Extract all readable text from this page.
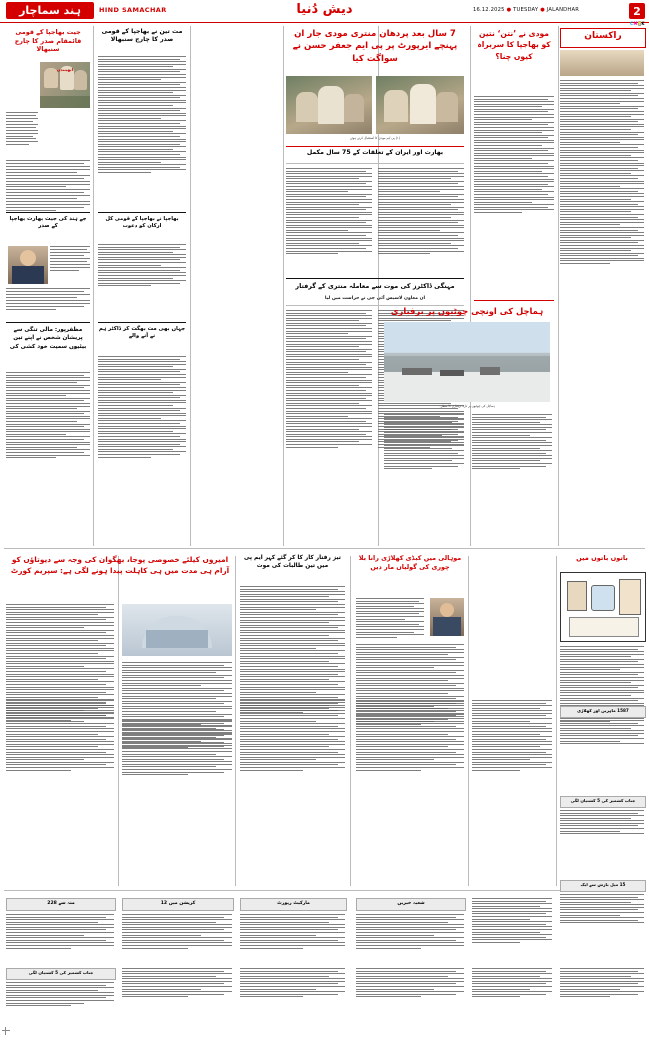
ہند سماچار	HIND SAMACHAR	دیش دُنیا	16.12.2025 ● TUESDAY ● JALANDHAR	2
CMYK
جیت بھاجپا کے قومی قائمقام صدر کا چارج سنبھالا
ابھینندن
جے ہند کی جیت بھارت بھاجپا کے صدر
مظفرپور: مالی تنگی سے پریشان شخص نے اپنے تین بیٹیوں سمیت خود کشی کی
مت تین نے بھاجپا کے قومی صدر کا چارج سنبھالا
بھاجپا نے بھاجپا کے قومی کل ارکان کو دعوت
جہاں بھی مت بھگت کر ڈاکٹر ہم نے آنے والے
7 سال بعد پردھان منتری مودی جار ان پہنچے ایرپورٹ پر پی ایم جعفر حسن نے سواگت کیا
(۱) پی ایم مودی کا استقبال کرتے ہوئے
بھارت اور ایران کے تعلقات کے 75 سال مکمل
مہنگی ڈاکٹرز کی موت سے معاملہ منتری کے گرفتار
ان معاون لاسیس آئی جی نے حراست میں لیا
مودی نے ’نتن‘ نتین کو بھاجپا کا سربراہ کیوں چنا؟
ہماچل کی اونچی چوٹیوں پر برفباری
ہماچل کی چوٹیوں پر تازہ برفباری کا منظر۔
راکستان
امیروں کیلئے خصوصی پوجا، بھگوان کی وجہ سے دیوتاؤں کو آرام ہی مدت میں ہی کاہلت پیدا ہونے لگی ہے: سپریم کورٹ
تیز رفتار کار کا کر گئے کہر ایم پی میں تین طالبات کی موت
موہالی میں کبڈی کھلاڑی رانا بلا چوری کی گولیاں مار دیں
باتوں باتوں میں
1587 ماہرین اور کھلاڑی
جناب کشمیر کی 5 کشتیاں لگی
15 میل بارش سے ایک
منہ سے 228	کرپشن میں 12	مارکیٹ رپورٹ	شعبہ خبریں
جناب کشمیر کی 5 کشتیاں لگی
